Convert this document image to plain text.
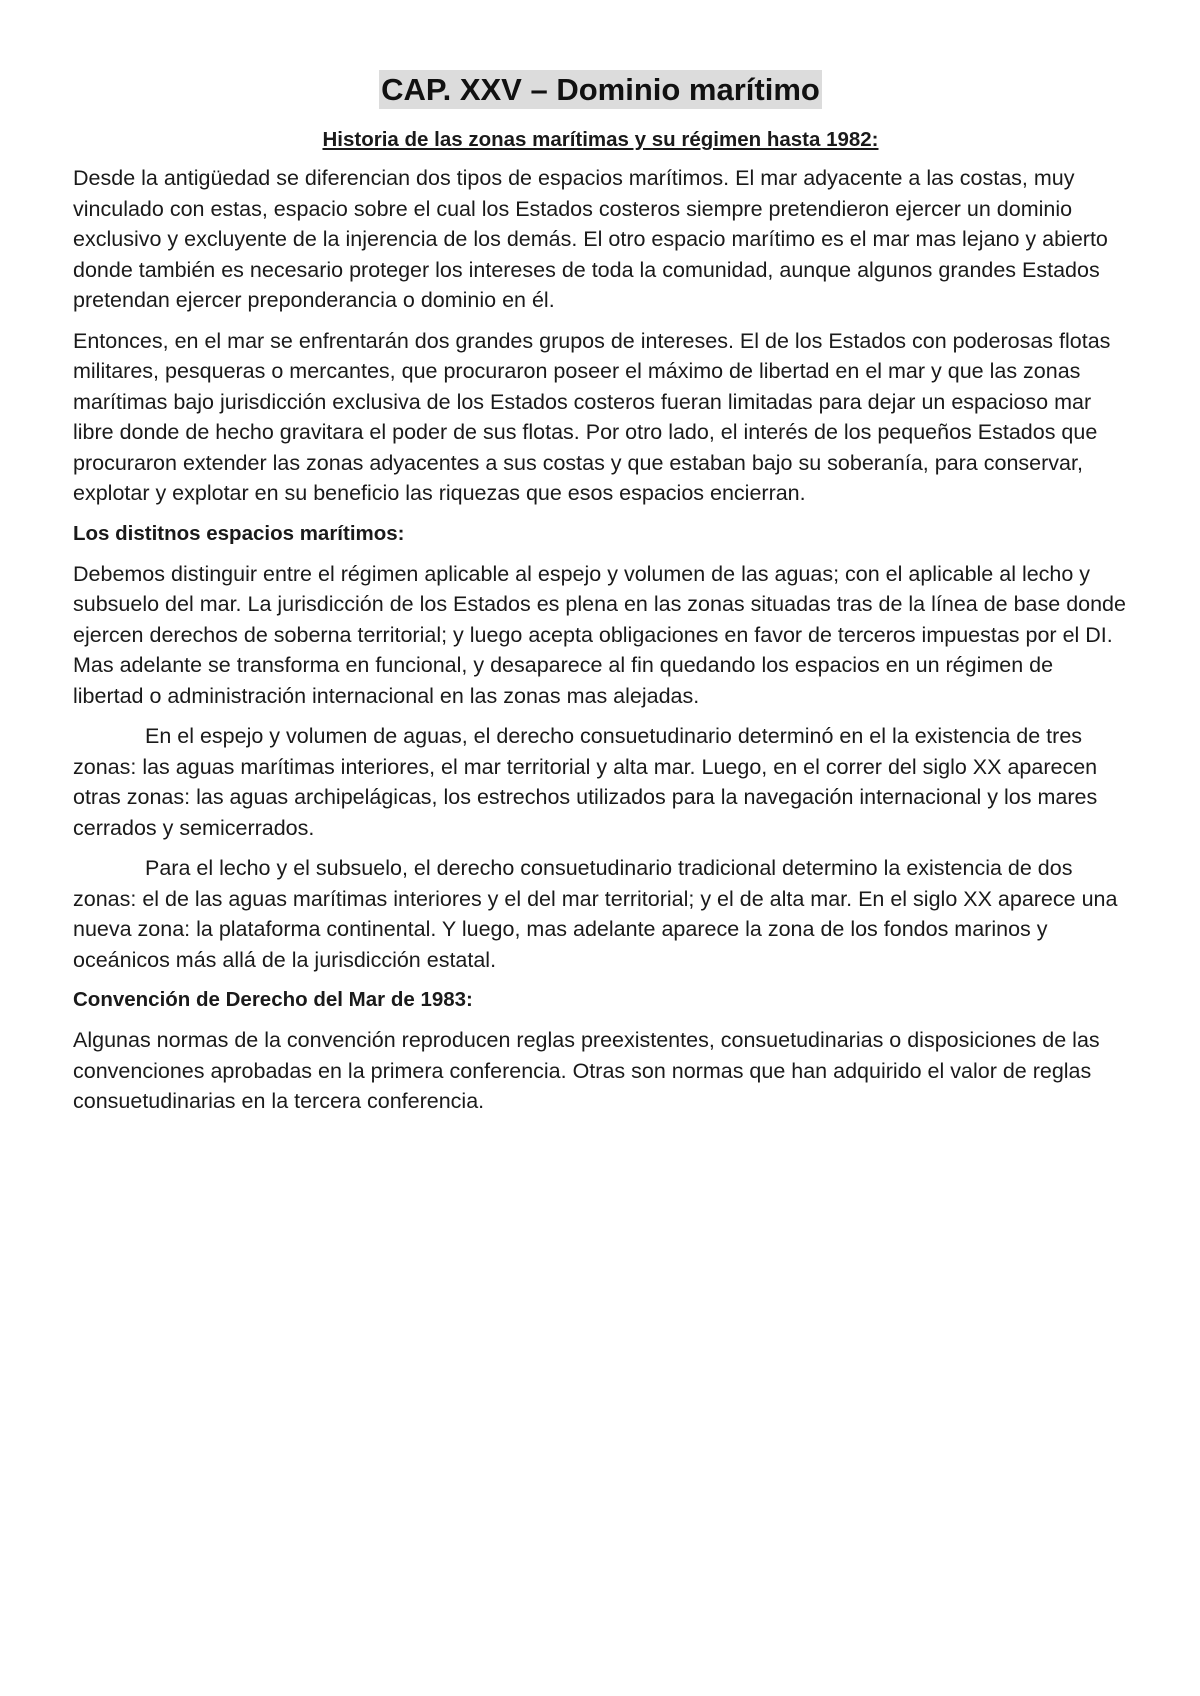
CAP. XXV – Dominio marítimo
Historia de las zonas marítimas y su régimen hasta 1982:

Desde la antigüedad se diferencian dos tipos de espacios marítimos. El mar adyacente a las costas, muy vinculado con estas, espacio sobre el cual los Estados costeros siempre pretendieron ejercer un dominio exclusivo y excluyente de la injerencia de los demás. El otro espacio marítimo es el mar mas lejano y abierto donde también es necesario proteger los intereses de toda la comunidad, aunque algunos grandes Estados pretendan ejercer preponderancia o dominio en él.

Entonces, en el mar se enfrentarán dos grandes grupos de intereses. El de los Estados con poderosas flotas militares, pesqueras o mercantes, que procuraron poseer el máximo de libertad en el mar y que las zonas marítimas bajo jurisdicción exclusiva de los Estados costeros fueran limitadas para dejar un espacioso mar libre donde de hecho gravitara el poder de sus flotas. Por otro lado, el interés de los pequeños Estados que procuraron extender las zonas adyacentes a sus costas y que estaban bajo su soberanía, para conservar, explotar y explotar en su beneficio las riquezas que esos espacios encierran.

Los distitnos espacios marítimos:

Debemos distinguir entre el régimen aplicable al espejo y volumen de las aguas; con el aplicable al lecho y subsuelo del mar. La jurisdicción de los Estados es plena en las zonas situadas tras de la línea de base donde ejercen derechos de soberna territorial; y luego acepta obligaciones en favor de terceros impuestas por el DI. Mas adelante se transforma en funcional, y desaparece al fin quedando los espacios en un régimen de libertad o administración internacional en las zonas mas alejadas.

En el espejo y volumen de aguas, el derecho consuetudinario determinó en el la existencia de tres zonas: las aguas marítimas interiores, el mar territorial y alta mar. Luego, en el correr del siglo XX aparecen otras zonas: las aguas archipelágicas, los estrechos utilizados para la navegación internacional y los mares cerrados y semicerrados.

Para el lecho y el subsuelo, el derecho consuetudinario tradicional determino la existencia de dos zonas: el de las aguas marítimas interiores y el del mar territorial; y el de alta mar. En el siglo XX aparece una nueva zona: la plataforma continental. Y luego, mas adelante aparece la zona de los fondos marinos y oceánicos más allá de la jurisdicción estatal.

Convención de Derecho del Mar de 1983:

Algunas normas de la convención reproducen reglas preexistentes, consuetudinarias o disposiciones de las convenciones aprobadas en la primera conferencia. Otras son normas que han adquirido el valor de reglas consuetudinarias en la tercera conferencia.
